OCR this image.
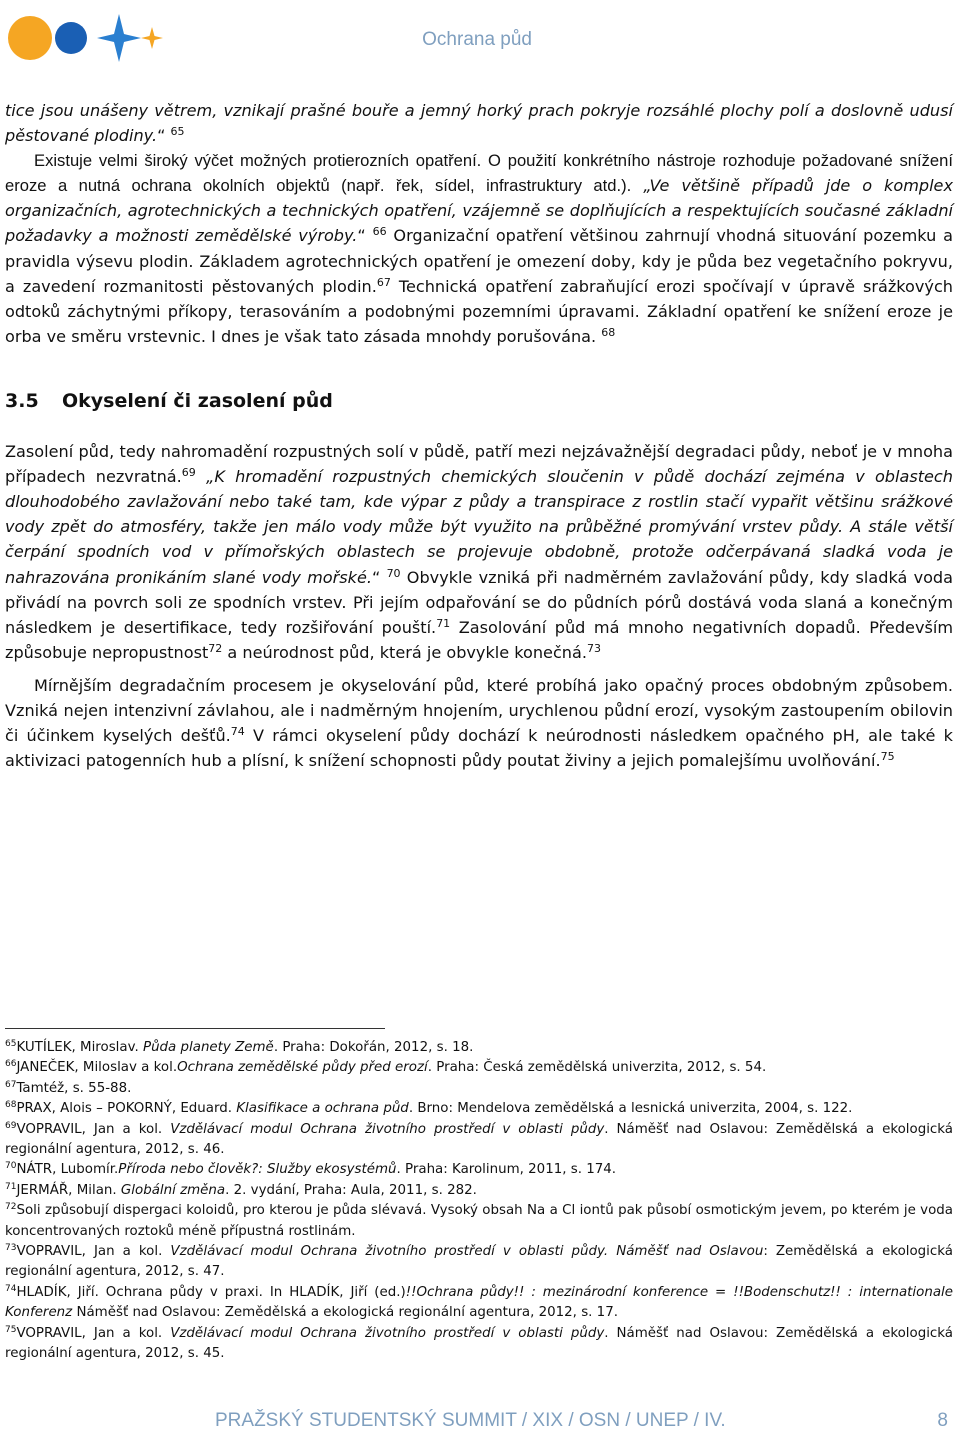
Ochrana půd

tice jsou unášeny větrem, vznikají prašné bouře a jemný horký prach pokryje rozsáhlé plochy polí a doslovně udusí pěstované plodiny.“ $^{65}$

Existuje velmi široký výčet možných protierozních opatření. O použití konkrétního nástroje rozhoduje požadované snížení eroze a nutná ochrana okolních objektů (např. řek, sídel, infrastruktury atd.). „Ve většině případů jde o komplex organizačních, agrotechnických a technických opatření, vzájemně se doplňujících a respektujících současné základní požadavky a možnosti zemědělské výroby.“ $^{66}$ Organizační opatření většinou zahrnují vhodná situování pozemku a pravidla výsevu plodin. Základem agrotechnických opatření je omezení doby, kdy je půda bez vegetačního pokryvu, a zavedení rozmanitosti pěstovaných plodin.$^{67}$ Technická opatření zabraňující erozi spočívají v úpravě srážkových odtoků záchytnými příkopy, terasováním a podobnými pozemními úpravami. Základní opatření ke snížení eroze je orba ve směru vrstevnic. I dnes je však tato zásada mnohdy porušována. $^{68}$

3.5 Okyselení či zasolení půd

Zasolení půd, tedy nahromadění rozpustných solí v půdě, patří mezi nejzávažnější degradaci půdy, neboť je v mnoha případech nezvratná.$^{69}$ „K hromadění rozpustných chemických sloučenin v půdě dochází zejména v oblastech dlouhodobého zavlažování nebo také tam, kde výpar z půdy a transpirace z rostlin stačí vypařit většinu srážkové vody zpět do atmosféry, takže jen málo vody může být využito na průběžné promývání vrstev půdy. A stále větší čerpání spodních vod v přímořských oblastech se projevuje obdobně, protože odčerpávaná sladká voda je nahrazována pronikáním slané vody mořské.“ $^{70}$ Obvykle vzniká při nadměrném zavlažování půdy, kdy sladká voda přivádí na povrch soli ze spodních vrstev. Při jejím odpařování se do půdních pórů dostává voda slaná a konečným následkem je desertifikace, tedy rozšiřování pouští.$^{71}$ Zasolování půd má mnoho negativních dopadů. Především způsobuje nepropustnost$^{72}$ a neúrodnost půd, která je obvykle konečná.$^{73}$

Mírnějším degradačním procesem je okyselování půd, které probíhá jako opačný proces obdobným způsobem. Vzniká nejen intenzivní závlahou, ale i nadměrným hnojením, urychlenou půdní erozí, vysokým zastoupením obilovin či účinkem kyselých dešťů.$^{74}$ V rámci okyselení půdy dochází k neúrodnosti následkem opačného pH, ale také k aktivizaci patogenních hub a plísní, k snížení schopnosti půdy poutat živiny a jejich pomalejšímu uvolňování.$^{75}$

$^{65}$KUTÍLEK, Miroslav. Půda planety Země. Praha: Dokořán, 2012, s. 18.

$^{66}$JANEČEK, Miloslav a kol.Ochrana zemědělské půdy před erozí. Praha: Česká zemědělská univerzita, 2012, s. 54.

$^{67}$Tamtéž, s. 55-88.

$^{68}$PRAX, Alois – POKORNÝ, Eduard. Klasifikace a ochrana půd. Brno: Mendelova zemědělská a lesnická univerzita, 2004, s. 122.

$^{69}$VOPRAVIL, Jan a kol. Vzdělávací modul Ochrana životního prostředí v oblasti půdy. Náměšť nad Oslavou: Zemědělská a ekologická regionální agentura, 2012, s. 46.

$^{70}$NÁTR, Lubomír.Příroda nebo člověk?: Služby ekosystémů. Praha: Karolinum, 2011, s. 174.

$^{71}$JERMÁŘ, Milan. Globální změna. 2. vydání, Praha: Aula, 2011, s. 282.

$^{72}$Soli způsobují dispergaci koloidů, pro kterou je půda slévavá. Vysoký obsah Na a Cl iontů pak působí osmotickým jevem, po kterém je voda koncentrovaných roztoků méně přípustná rostlinám.

$^{73}$VOPRAVIL, Jan a kol. Vzdělávací modul Ochrana životního prostředí v oblasti půdy. Náměšť nad Oslavou: Zemědělská a ekologická regionální agentura, 2012, s. 47.

$^{74}$HLADÍK, Jiří. Ochrana půdy v praxi. In HLADÍK, Jiří (ed.)!!Ochrana půdy!! : mezinárodní konference = !!Bodenschutz!! : internationale Konferenz Náměšť nad Oslavou: Zemědělská a ekologická regionální agentura, 2012, s. 17.

$^{75}$VOPRAVIL, Jan a kol. Vzdělávací modul Ochrana životního prostředí v oblasti půdy. Náměšť nad Oslavou: Zemědělská a ekologická regionální agentura, 2012, s. 45.

PRAŽSKÝ STUDENTSKÝ SUMMIT / XIX / OSN / UNEP / IV.	8
